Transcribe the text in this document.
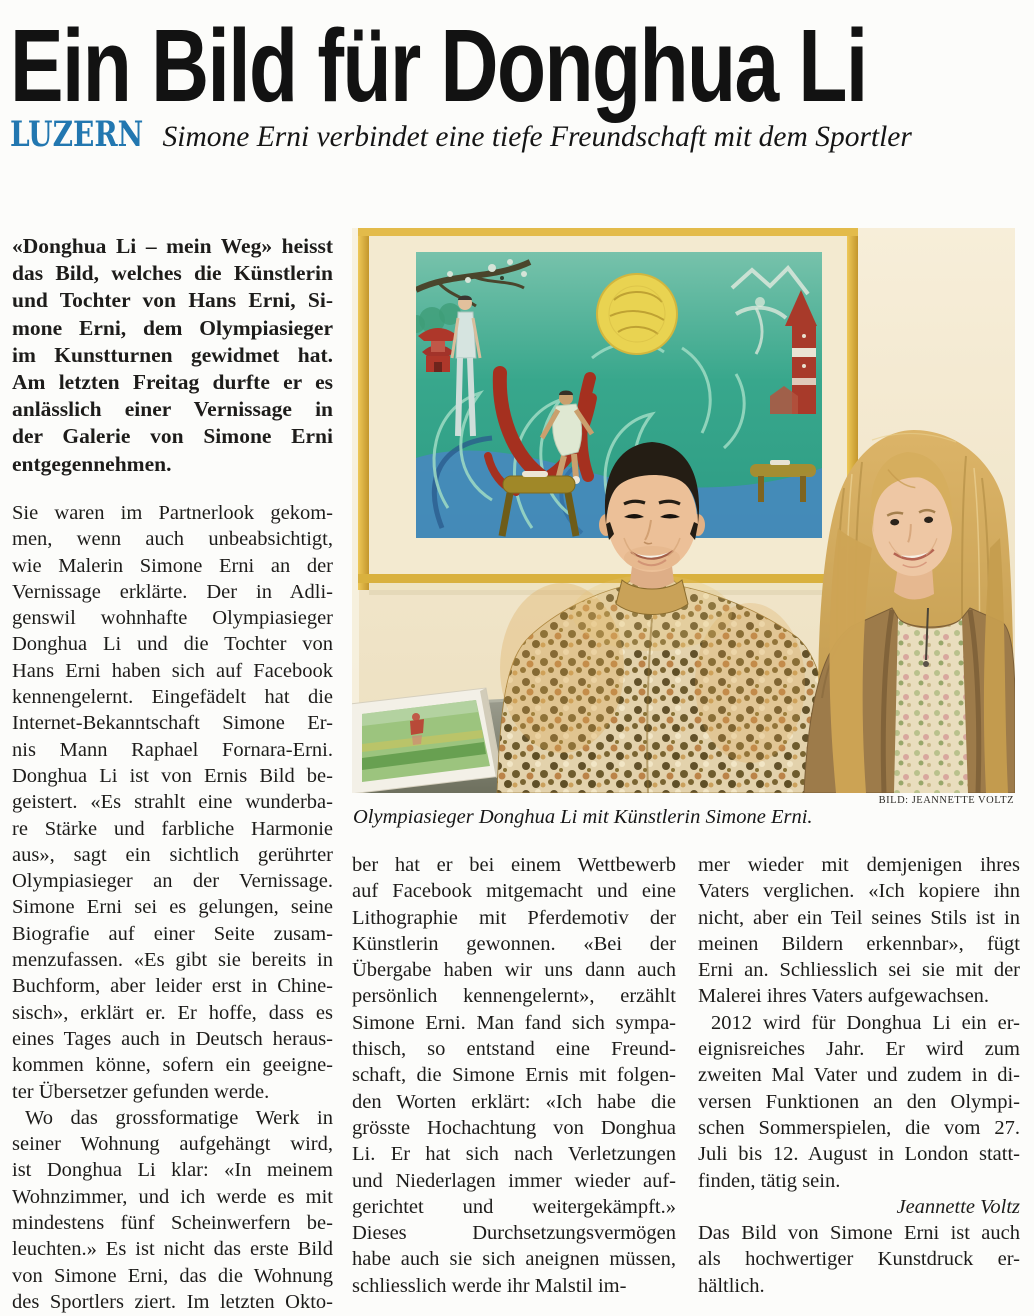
Ein Bild für Donghua Li
LUZERN Simone Erni verbindet eine tiefe Freundschaft mit dem Sportler
«Donghua Li – mein Weg» heisst
das Bild, welches die Künstlerin
und Tochter von Hans Erni, Si-
mone Erni, dem Olympiasieger
im Kunstturnen gewidmet hat.
Am letzten Freitag durfte er es
anlässlich einer Vernissage in
der Galerie von Simone Erni
entgegennehmen.
Sie waren im Partnerlook gekom-
men, wenn auch unbeabsichtigt,
wie Malerin Simone Erni an der
Vernissage erklärte. Der in Adli-
genswil wohnhafte Olympiasieger
Donghua Li und die Tochter von
Hans Erni haben sich auf Facebook
kennengelernt. Eingefädelt hat die
Internet-Bekanntschaft Simone Er-
nis Mann Raphael Fornara-Erni.
Donghua Li ist von Ernis Bild be-
geistert. «Es strahlt eine wunderba-
re Stärke und farbliche Harmonie
aus», sagt ein sichtlich gerührter
Olympiasieger an der Vernissage.
Simone Erni sei es gelungen, seine
Biografie auf einer Seite zusam-
menzufassen. «Es gibt sie bereits in
Buchform, aber leider erst in Chine-
sisch», erklärt er. Er hoffe, dass es
eines Tages auch in Deutsch heraus-
kommen könne, sofern ein geeigne-
ter Übersetzer gefunden werde.
Wo das grossformatige Werk in
seiner Wohnung aufgehängt wird,
ist Donghua Li klar: «In meinem
Wohnzimmer, und ich werde es mit
mindestens fünf Scheinwerfern be-
leuchten.» Es ist nicht das erste Bild
von Simone Erni, das die Wohnung
des Sportlers ziert. Im letzten Okto-
BILD: JEANNETTE VOLTZ
Olympiasieger Donghua Li mit Künstlerin Simone Erni.
ber hat er bei einem Wettbewerb
auf Facebook mitgemacht und eine
Lithographie mit Pferdemotiv der
Künstlerin gewonnen. «Bei der
Übergabe haben wir uns dann auch
persönlich kennengelernt», erzählt
Simone Erni. Man fand sich sympa-
thisch, so entstand eine Freund-
schaft, die Simone Ernis mit folgen-
den Worten erklärt: «Ich habe die
grösste Hochachtung von Donghua
Li. Er hat sich nach Verletzungen
und Niederlagen immer wieder auf-
gerichtet und weitergekämpft.»
Dieses Durchsetzungsvermögen
habe auch sie sich aneignen müssen,
schliesslich werde ihr Malstil im-
mer wieder mit demjenigen ihres
Vaters verglichen. «Ich kopiere ihn
nicht, aber ein Teil seines Stils ist in
meinen Bildern erkennbar», fügt
Erni an. Schliesslich sei sie mit der
Malerei ihres Vaters aufgewachsen.
2012 wird für Donghua Li ein er-
eignisreiches Jahr. Er wird zum
zweiten Mal Vater und zudem in di-
versen Funktionen an den Olympi-
schen Sommerspielen, die vom 27.
Juli bis 12. August in London statt-
finden, tätig sein.
Jeannette Voltz
Das Bild von Simone Erni ist auch
als hochwertiger Kunstdruck er-
hältlich.
